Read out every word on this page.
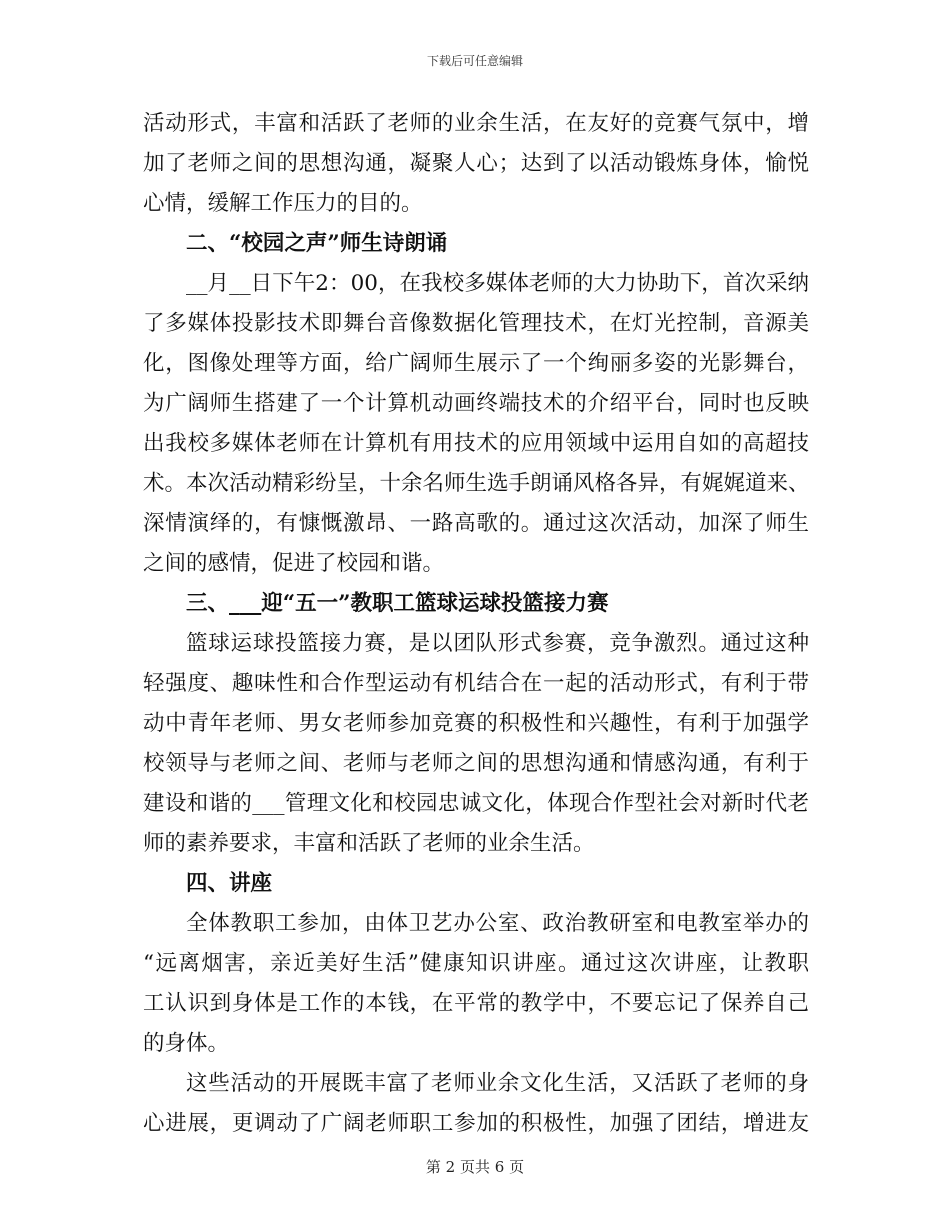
下载后可任意编辑
活动形式，丰富和活跃了老师的业余生活，在友好的竞赛气氛中，增
加了老师之间的思想沟通，凝聚人心；达到了以活动锻炼身体，愉悦
心情，缓解工作压力的目的。
二、“校园之声”师生诗朗诵
__月__日下午2：00，在我校多媒体老师的大力协助下，首次采纳
了多媒体投影技术即舞台音像数据化管理技术，在灯光控制，音源美
化，图像处理等方面，给广阔师生展示了一个绚丽多姿的光影舞台，
为广阔师生搭建了一个计算机动画终端技术的介绍平台，同时也反映
出我校多媒体老师在计算机有用技术的应用领域中运用自如的高超技
术。本次活动精彩纷呈，十余名师生选手朗诵风格各异，有娓娓道来、
深情演绎的，有慷慨激昂、一路高歌的。通过这次活动，加深了师生
之间的感情，促进了校园和谐。
三、___迎“五一”教职工篮球运球投篮接力赛
篮球运球投篮接力赛，是以团队形式参赛，竞争激烈。通过这种
轻强度、趣味性和合作型运动有机结合在一起的活动形式，有利于带
动中青年老师、男女老师参加竞赛的积极性和兴趣性，有利于加强学
校领导与老师之间、老师与老师之间的思想沟通和情感沟通，有利于
建设和谐的___管理文化和校园忠诚文化，体现合作型社会对新时代老
师的素养要求，丰富和活跃了老师的业余生活。
四、讲座
全体教职工参加，由体卫艺办公室、政治教研室和电教室举办的
“远离烟害，亲近美好生活”健康知识讲座。通过这次讲座，让教职
工认识到身体是工作的本钱，在平常的教学中，不要忘记了保养自己
的身体。
这些活动的开展既丰富了老师业余文化生活，又活跃了老师的身
心进展，更调动了广阔老师职工参加的积极性，加强了团结，增进友
第 2 页共 6 页
